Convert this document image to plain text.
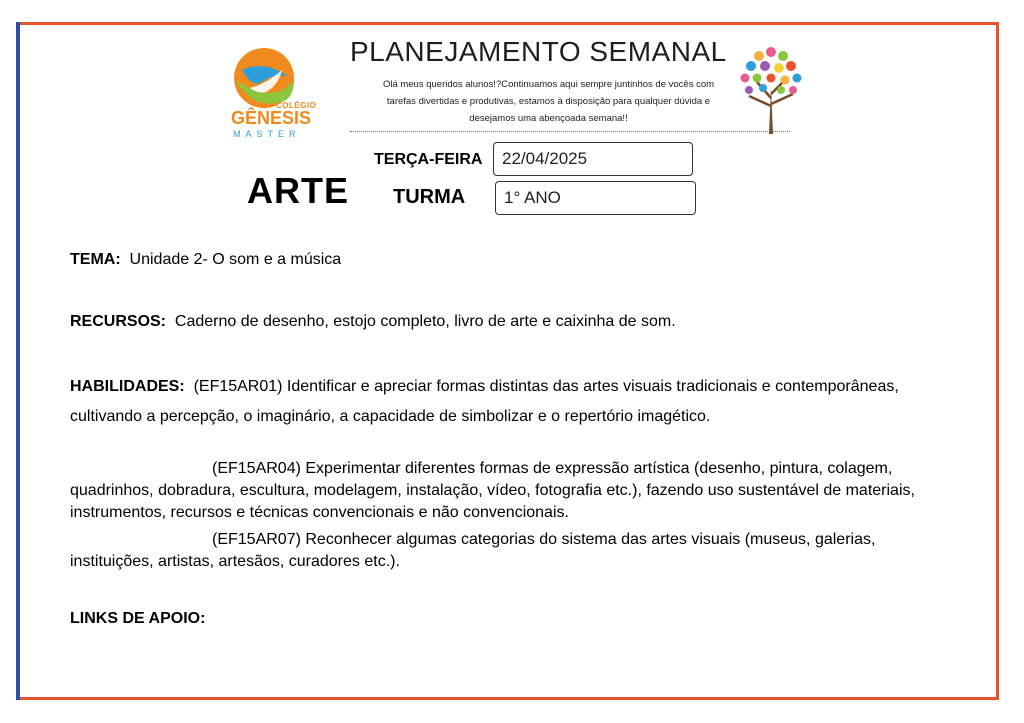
COLÉGIO
GÊNESIS
MASTER
PLANEJAMENTO SEMANAL
Olá meus queridos alunos!?Continuamos aqui sempre juntinhos de vocês com tarefas divertidas e produtivas, estamos à disposição para qualquer dúvida e desejamos uma abençoada semana!!
ARTE
TERÇA-FEIRA	22/04/2025
TURMA	1° ANO
TEMA: Unidade 2- O som e a música
RECURSOS: Caderno de desenho, estojo completo, livro de arte e caixinha de som.
HABILIDADES: (EF15AR01) Identificar e apreciar formas distintas das artes visuais tradicionais e contemporâneas, cultivando a percepção, o imaginário, a capacidade de simbolizar e o repertório imagético.
(EF15AR04) Experimentar diferentes formas de expressão artística (desenho, pintura, colagem, quadrinhos, dobradura, escultura, modelagem, instalação, vídeo, fotografia etc.), fazendo uso sustentável de materiais, instrumentos, recursos e técnicas convencionais e não convencionais.
(EF15AR07) Reconhecer algumas categorias do sistema das artes visuais (museus, galerias, instituições, artistas, artesãos, curadores etc.).
LINKS DE APOIO:
